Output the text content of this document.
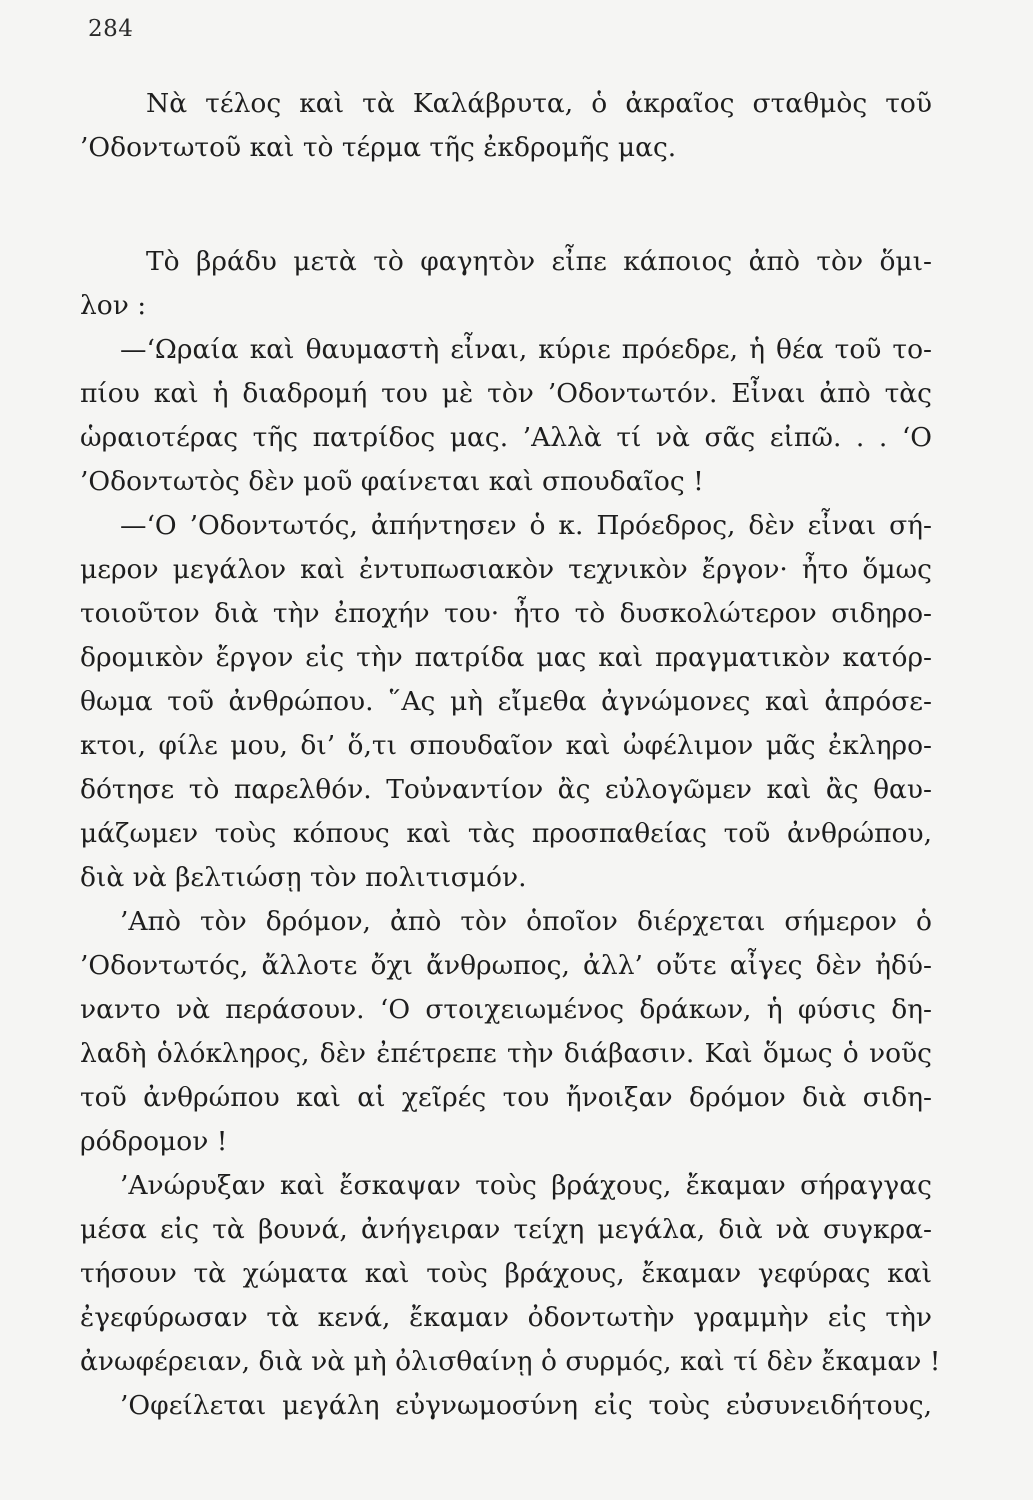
284
Νὰ τέλος καὶ τὰ Καλάβρυτα, ὁ ἀκραῖος σταθμὸς τοῦ
’Οδοντωτοῦ καὶ τὸ τέρμα τῆς ἐκδρομῆς μας.
Τὸ βράδυ μετὰ τὸ φαγητὸν εἶπε κάποιος ἀπὸ τὸν ὅμι-
λον :
—‘Ωραία καὶ θαυμαστὴ εἶναι, κύριε πρόεδρε, ἡ θέα τοῦ το-
πίου καὶ ἡ διαδρομή του μὲ τὸν ’Οδοντωτόν. Εἶναι ἀπὸ τὰς
ὡραιοτέρας τῆς πατρίδος μας. ’Αλλὰ τί νὰ σᾶς εἰπῶ. . . ‘Ο
’Οδοντωτὸς δὲν μοῦ φαίνεται καὶ σπουδαῖος !
—‘Ο ’Οδοντωτός, ἀπήντησεν ὁ κ. Πρόεδρος, δὲν εἶναι σή-
μερον μεγάλον καὶ ἐντυπωσιακὸν τεχνικὸν ἔργον· ἦτο ὅμως
τοιοῦτον διὰ τὴν ἐποχήν του· ἦτο τὸ δυσκολώτερον σιδηρο-
δρομικὸν ἔργον εἰς τὴν πατρίδα μας καὶ πραγματικὸν κατόρ-
θωμα τοῦ ἀνθρώπου. ῞Ας μὴ εἴμεθα ἀγνώμονες καὶ ἀπρόσε-
κτοι, φίλε μου, δι’ ὅ,τι σπουδαῖον καὶ ὠφέλιμον μᾶς ἐκληρο-
δότησε τὸ παρελθόν. Τοὐναντίον ἂς εὐλογῶμεν καὶ ἂς θαυ-
μάζωμεν τοὺς κόπους καὶ τὰς προσπαθείας τοῦ ἀνθρώπου,
διὰ νὰ βελτιώσῃ τὸν πολιτισμόν.
’Απὸ τὸν δρόμον, ἀπὸ τὸν ὁποῖον διέρχεται σήμερον ὁ
’Οδοντωτός, ἄλλοτε ὄχι ἄνθρωπος, ἀλλ’ οὔτε αἶγες δὲν ἠδύ-
ναντο νὰ περάσουν. ‘Ο στοιχειωμένος δράκων, ἡ φύσις δη-
λαδὴ ὁλόκληρος, δὲν ἐπέτρεπε τὴν διάβασιν. Καὶ ὅμως ὁ νοῦς
τοῦ ἀνθρώπου καὶ αἱ χεῖρές του ἤνοιξαν δρόμον διὰ σιδη-
ρόδρομον !
’Ανώρυξαν καὶ ἔσκαψαν τοὺς βράχους, ἔκαμαν σήραγγας
μέσα εἰς τὰ βουνά, ἀνήγειραν τείχη μεγάλα, διὰ νὰ συγκρα-
τήσουν τὰ χώματα καὶ τοὺς βράχους, ἔκαμαν γεφύρας καὶ
ἐγεφύρωσαν τὰ κενά, ἔκαμαν ὀδοντωτὴν γραμμὴν εἰς τὴν
ἀνωφέρειαν, διὰ νὰ μὴ ὀλισθαίνῃ ὁ συρμός, καὶ τί δὲν ἔκαμαν !
’Οφείλεται μεγάλη εὐγνωμοσύνη εἰς τοὺς εὐσυνειδήτους,
